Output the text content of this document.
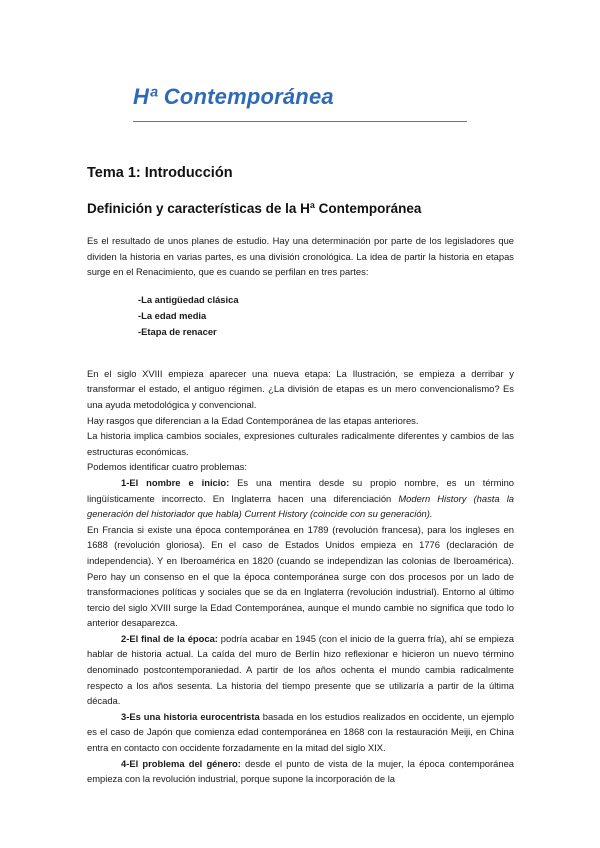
Hª Contemporánea
Tema 1: Introducción
Definición y características de la Hª Contemporánea

Es el resultado de unos planes de estudio. Hay una determinación por parte de los legisladores que dividen la historia en varias partes, es una división cronológica. La idea de partir la historia en etapas surge en el Renacimiento, que es cuando se perfilan en tres partes:

-La antigüedad clásica
-La edad media
-Etapa de renacer

En el siglo XVIII empieza aparecer una nueva etapa: La Ilustración, se empieza a derribar y transformar el estado, el antiguo régimen. ¿La división de etapas es un mero convencionalismo? Es una ayuda metodológica y convencional.

Hay rasgos que diferencian a la Edad Contemporánea de las etapas anteriores.

La historia implica cambios sociales, expresiones culturales radicalmente diferentes y cambios de las estructuras económicas.

Podemos identificar cuatro problemas:

1-El nombre e inicio: Es una mentira desde su propio nombre, es un término lingüísticamente incorrecto. En Inglaterra hacen una diferenciación Modern History (hasta la generación del historiador que habla) Current History (coincide con su generación).

En Francia si existe una época contemporánea en 1789 (revolución francesa), para los ingleses en 1688 (revolución gloriosa). En el caso de Estados Unidos empieza en 1776 (declaración de independencia). Y en Iberoamérica en 1820 (cuando se independizan las colonias de Iberoamérica). Pero hay un consenso en el que la época contemporánea surge con dos procesos por un lado de transformaciones políticas y sociales que se da en Inglaterra (revolución industrial). Entorno al último tercio del siglo XVIII surge la Edad Contemporánea, aunque el mundo cambie no significa que todo lo anterior desaparezca.

2-El final de la época: podría acabar en 1945 (con el inicio de la guerra fría), ahí se empieza hablar de historia actual. La caída del muro de Berlín hizo reflexionar e hicieron un nuevo término denominado postcontemporaniedad. A partir de los años ochenta el mundo cambia radicalmente respecto a los años sesenta. La historia del tiempo presente que se utilizaría a partir de la última década.

3-Es una historia eurocentrista basada en los estudios realizados en occidente, un ejemplo es el caso de Japón que comienza edad contemporánea en 1868 con la restauración Meiji, en China entra en contacto con occidente forzadamente en la mitad del siglo XIX.

4-El problema del género: desde el punto de vista de la mujer, la época contemporánea empieza con la revolución industrial, porque supone la incorporación de la
